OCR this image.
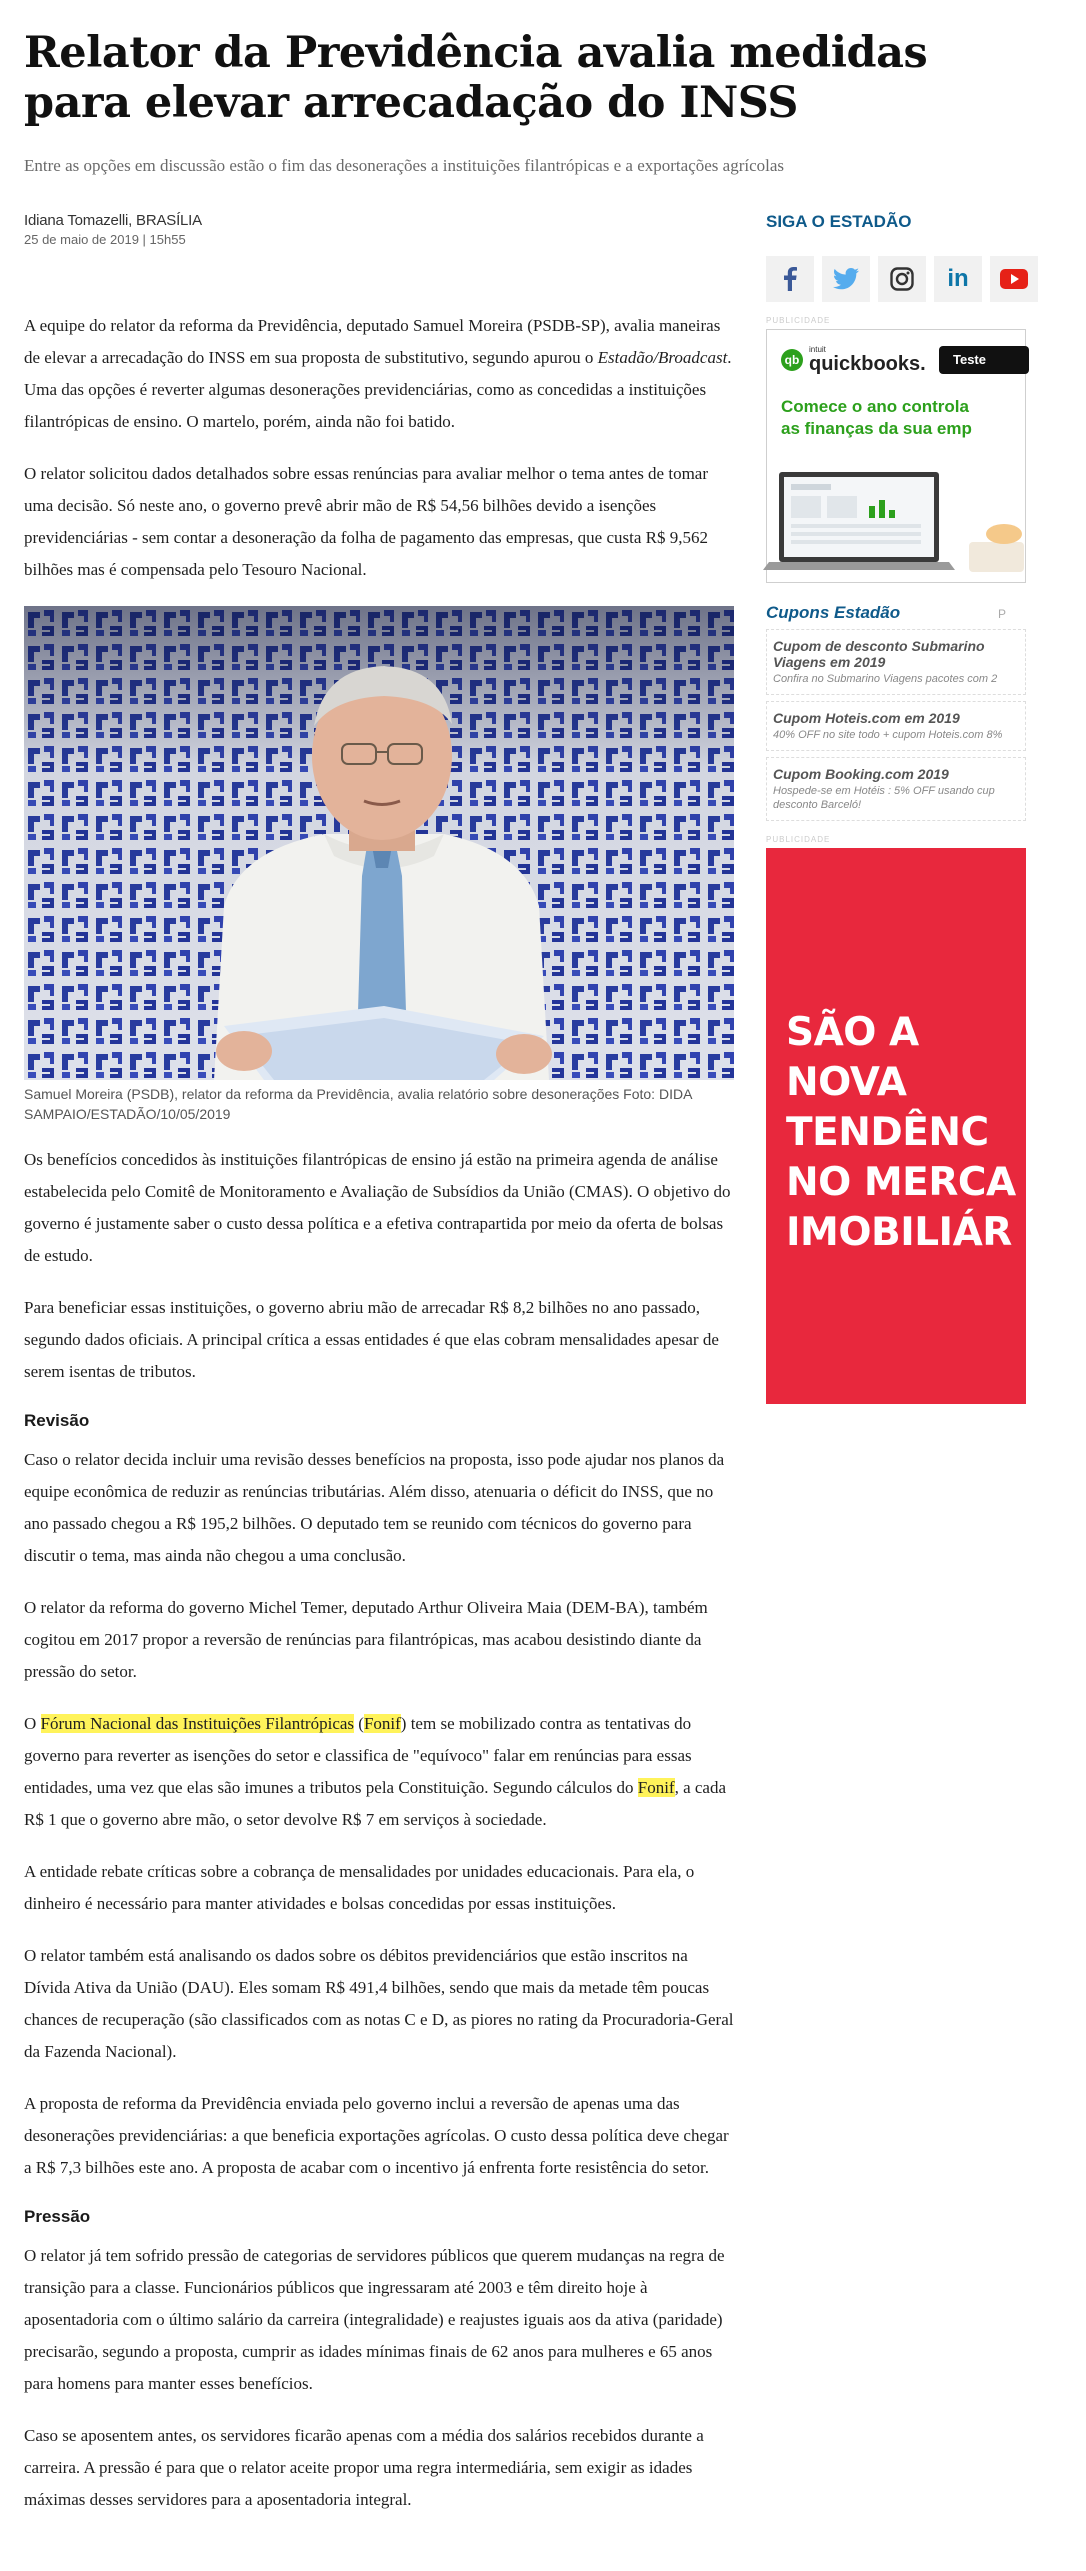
Relator da Previdência avalia medidas para elevar arrecadação do INSS
Entre as opções em discussão estão o fim das desonerações a instituições filantrópicas e a exportações agrícolas
Idiana Tomazelli, BRASÍLIA
25 de maio de 2019 | 15h55

A equipe do relator da reforma da Previdência, deputado Samuel Moreira (PSDB-SP), avalia maneiras de elevar a arrecadação do INSS em sua proposta de substitutivo, segundo apurou o Estadão/Broadcast. Uma das opções é reverter algumas desonerações previdenciárias, como as concedidas a instituições filantrópicas de ensino. O martelo, porém, ainda não foi batido.

O relator solicitou dados detalhados sobre essas renúncias para avaliar melhor o tema antes de tomar uma decisão. Só neste ano, o governo prevê abrir mão de R$ 54,56 bilhões devido a isenções previdenciárias - sem contar a desoneração da folha de pagamento das empresas, que custa R$ 9,562 bilhões mas é compensada pelo Tesouro Nacional.

Samuel Moreira (PSDB), relator da reforma da Previdência, avalia relatório sobre desonerações Foto: DIDA SAMPAIO/ESTADÃO/10/05/2019

Os benefícios concedidos às instituições filantrópicas de ensino já estão na primeira agenda de análise estabelecida pelo Comitê de Monitoramento e Avaliação de Subsídios da União (CMAS). O objetivo do governo é justamente saber o custo dessa política e a efetiva contrapartida por meio da oferta de bolsas de estudo.

Para beneficiar essas instituições, o governo abriu mão de arrecadar R$ 8,2 bilhões no ano passado, segundo dados oficiais. A principal crítica a essas entidades é que elas cobram mensalidades apesar de serem isentas de tributos.

Revisão

Caso o relator decida incluir uma revisão desses benefícios na proposta, isso pode ajudar nos planos da equipe econômica de reduzir as renúncias tributárias. Além disso, atenuaria o déficit do INSS, que no ano passado chegou a R$ 195,2 bilhões. O deputado tem se reunido com técnicos do governo para discutir o tema, mas ainda não chegou a uma conclusão.

O relator da reforma do governo Michel Temer, deputado Arthur Oliveira Maia (DEM-BA), também cogitou em 2017 propor a reversão de renúncias para filantrópicas, mas acabou desistindo diante da pressão do setor.

O Fórum Nacional das Instituições Filantrópicas (Fonif) tem se mobilizado contra as tentativas do governo para reverter as isenções do setor e classifica de "equívoco" falar em renúncias para essas entidades, uma vez que elas são imunes a tributos pela Constituição. Segundo cálculos do Fonif, a cada R$ 1 que o governo abre mão, o setor devolve R$ 7 em serviços à sociedade.

A entidade rebate críticas sobre a cobrança de mensalidades por unidades educacionais. Para ela, o dinheiro é necessário para manter atividades e bolsas concedidas por essas instituições.

O relator também está analisando os dados sobre os débitos previdenciários que estão inscritos na Dívida Ativa da União (DAU). Eles somam R$ 491,4 bilhões, sendo que mais da metade têm poucas chances de recuperação (são classificados com as notas C e D, as piores no rating da Procuradoria-Geral da Fazenda Nacional).

A proposta de reforma da Previdência enviada pelo governo inclui a reversão de apenas uma das desonerações previdenciárias: a que beneficia exportações agrícolas. O custo dessa política deve chegar a R$ 7,3 bilhões este ano. A proposta de acabar com o incentivo já enfrenta forte resistência do setor.

Pressão

O relator já tem sofrido pressão de categorias de servidores públicos que querem mudanças na regra de transição para a classe. Funcionários públicos que ingressaram até 2003 e têm direito hoje à aposentadoria com o último salário da carreira (integralidade) e reajustes iguais aos da ativa (paridade) precisarão, segundo a proposta, cumprir as idades mínimas finais de 62 anos para mulheres e 65 anos para homens para manter esses benefícios.

Caso se aposentem antes, os servidores ficarão apenas com a média dos salários recebidos durante a carreira. A pressão é para que o relator aceite propor uma regra intermediária, sem exigir as idades máximas desses servidores para a aposentadoria integral.

SIGA O ESTADÃO
in
PUBLICIDADE
qb
intuit
quickbooks.	Teste
Comece o ano controla
as finanças da sua emp
Cupons Estadão	P
Cupom de desconto Submarino Viagens em 2019
Confira no Submarino Viagens pacotes com 2
Cupom Hoteis.com em 2019
40% OFF no site todo + cupom Hoteis.com 8%
Cupom Booking.com 2019
Hospede-se em Hotéis : 5% OFF usando cup desconto Barceló!
PUBLICIDADE
SÃO A
NOVA
TENDÊNC
NO MERCA
IMOBILIÁR
